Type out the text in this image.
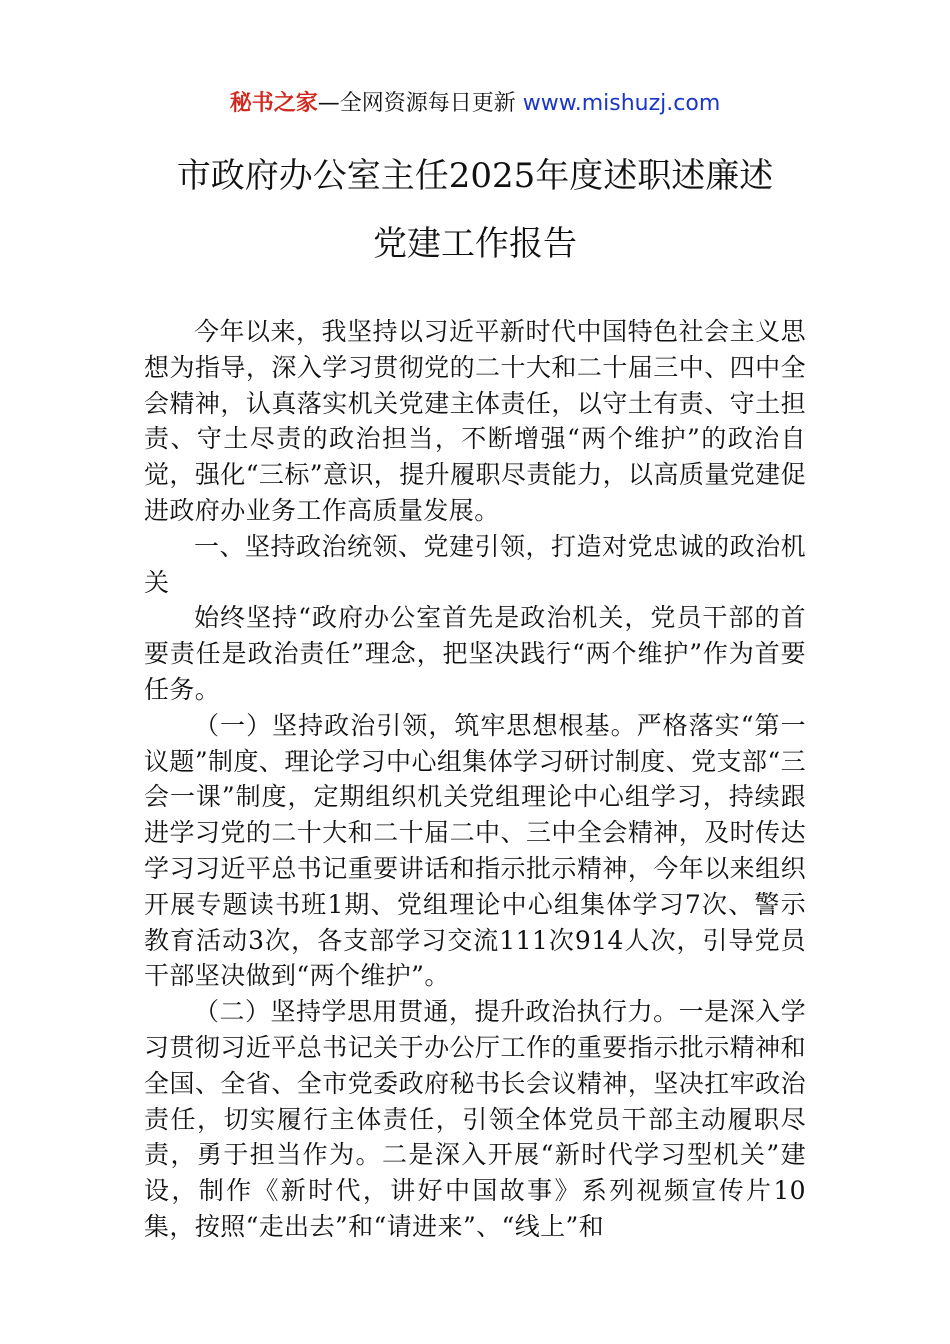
秘书之家—全网资源每日更新 www.mishuzj.com
市政府办公室主任2025年度述职述廉述
党建工作报告

今年以来，我坚持以习近平新时代中国特色社会主义思想为指导，深入学习贯彻党的二十大和二十届三中、四中全会精神，认真落实机关党建主体责任，以守土有责、守土担责、守土尽责的政治担当，不断增强“两个维护”的政治自觉，强化“三标”意识，提升履职尽责能力，以高质量党建促进政府办业务工作高质量发展。

一、坚持政治统领、党建引领，打造对党忠诚的政治机关

始终坚持“政府办公室首先是政治机关，党员干部的首要责任是政治责任”理念，把坚决践行“两个维护”作为首要任务。

（一）坚持政治引领，筑牢思想根基。严格落实“第一议题”制度、理论学习中心组集体学习研讨制度、党支部“三会一课”制度，定期组织机关党组理论中心组学习，持续跟进学习党的二十大和二十届二中、三中全会精神，及时传达学习习近平总书记重要讲话和指示批示精神，今年以来组织开展专题读书班1期、党组理论中心组集体学习7次、警示教育活动3次，各支部学习交流111次914人次，引导党员干部坚决做到“两个维护”。

（二）坚持学思用贯通，提升政治执行力。一是深入学习贯彻习近平总书记关于办公厅工作的重要指示批示精神和全国、全省、全市党委政府秘书长会议精神，坚决扛牢政治责任，切实履行主体责任，引领全体党员干部主动履职尽责，勇于担当作为。二是深入开展“新时代学习型机关”建设，制作《新时代，讲好中国故事》系列视频宣传片10集，按照“走出去”和“请进来”、“线上”和
